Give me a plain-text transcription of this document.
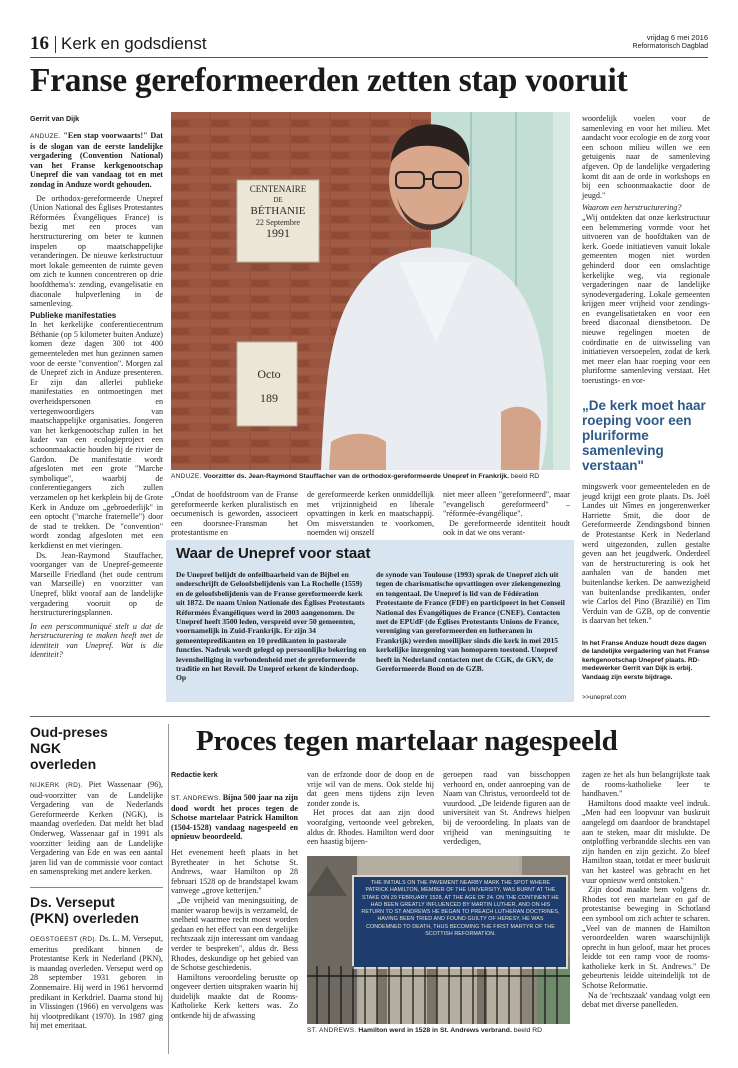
16 Kerk en godsdienst	vrijdag 6 mei 2016
Reformatorisch Dagblad
Franse gereformeerden zetten stap vooruit
Gerrit van Dijk

ANDUZE. "Een stap voorwaarts!" Dat is de slogan van de eerste landelijke vergadering (Convention National) van het Franse kerkgenootschap Unepref die van vandaag tot en met zondag in Anduze wordt gehouden.

De orthodox-gereformeerde Unepref (Union National des Églises Protestantes Réformées Évangéliques France) is bezig met een proces van herstructurering om beter te kunnen inspelen op maatschappelijke veranderingen. De nieuwe kerkstructuur moet lokale gemeenten de ruimte geven om zich te kunnen concentreren op drie hoofdthema's: zending, evangelisatie en diaconale hulpverlening in de samenleving.

Publieke manifestaties

In het kerkelijke conferentiecentrum Béthanie (op 5 kilometer buiten Anduze) komen deze dagen 300 tot 400 gemeenteleden met hun gezinnen samen voor de eerste "convention". Morgen zal de Unepref zich in Anduze presenteren. Er zijn dan allerlei publieke manifestaties en ontmoetingen met overheidspersonen en vertegenwoordigers van maatschappelijke organisaties. Jongeren van het kerkgenootschap zullen in het kader van een ecologieproject een schoonmaakactie houden bij de rivier de Gardon. De manifestatie wordt afgesloten met een grote "Marche symbolique", waarbij de conferentiegangers zich zullen verzamelen op het kerkplein bij de Grote Kerk in Anduze om „gebroederlijk" in een optocht ("marche fraternelle") door de stad te trekken. De "convention" wordt zondag afgesloten met een kerkdienst en met vieringen.

Ds. Jean-Raymond Stauffacher, voorganger van de Unepref-gemeente Marseille Friedland (het oude centrum van Marseille) en voorzitter van Unepref, blikt vooraf aan de landelijke vergadering vooruit op de herstructureringsplannen.

In een perscommuniqué stelt u dat de herstructurering te maken heeft met de identiteit van Unepref. Wat is die identiteit?

CENTENAIRE
DE
BÉTHANIE
22 Septembre
1991
Octo
189
ANDUZE. Voorzitter ds. Jean-Raymond Stauffacher van de orthodox-gereformeerde Unepref in Frankrijk. beeld RD

„Ondat de hoofdstroom van de Franse gereformeerde kerken pluralistisch en oecumenisch is geworden, associeert een doorsnee-Fransman het protestantisme en

de gereformeerde kerken onmiddellijk met vrijzinnigheid en liberale opvattingen in kerk en maatschappij. Om misverstanden te voorkomen, noemden wij onszelf

niet meer alleen "gereformeerd", maar "evangelisch gereformeerd" – "réformée-évangélique".

De gereformeerde identiteit houdt ook in dat we ons verant-

Waar de Unepref voor staat
De Unepref belijdt de onfeilbaarheid van de Bijbel en onderschrijft de Geloofsbelijdenis van La Rochelle (1559) en de geloofsbelijdenis van de Franse gereformeerde kerk uit 1872. De naam Union Nationale des Églises Protestants Réformées Évangéliques werd in 2003 aangenomen. De Unepref heeft 3500 leden, verspreid over 50 gemeenten, voornamelijk in Zuid-Frankrijk. Er zijn 34 gemeentepredikanten en 10 predikanten in pastorale functies. Nadruk wordt gelegd op persoonlijke bekering en levensheiliging in verbondenheid met de gereformeerde traditie en het Reveil. De Unepref erkent de kinderdoop. Op
de synode van Toulouse (1993) sprak de Unepref zich uit tegen de charismatische opvattingen over ziekengenezing en tongentaal. De Unepref is lid van de Fédération Protestante de France (FDF) en participeert in het Conseil National des Évangéliques de France (CNEF). Contacten met de EPUdF (de Églises Protestants Unions de France, vereniging van gereformeerden en lutheranen in Frankrijk) werden moeilijker sinds die kerk in mei 2015 kerkelijke inzegening van homoparen toestond. Unepref heeft in Nederland contacten met de CGK, de GKV, de Gereformeerde Bond en de GZB.

woordelijk voelen voor de samenleving en voor het milieu. Met aandacht voor ecologie en de zorg voor een schoon milieu willen we een getuigenis naar de samenleving afgeven. Op de landelijke vergadering komt dit aan de orde in workshops en bij een schoonmaakactie door de jeugd."

Waarom een herstructurering?

„Wij ontdekten dat onze kerkstructuur een belemmering vormde voor het uitvoeren van de hoofdtaken van de kerk. Goede initiatieven vanuit lokale gemeenten mogen niet worden gehinderd door een omslachtige kerkelijke weg, via regionale vergaderingen naar de landelijke synodevergadering. Lokale gemeenten krijgen meer vrijheid voor zendings- en evangelisatietaken en voor een breed diaconaal dienstbetoon. De nieuwe regelingen moeten de coördinatie en de uitwisseling van initiatieven versoepelen, zodat de kerk met meer elan haar roeping voor een pluriforme samenleving verstaat. Het toerustings- en vor-

„De kerk moet haar roeping voor een pluriforme samenleving verstaan"

mingswerk voor gemeenteleden en de jeugd krijgt een grote plaats. Ds. Joël Landes uit Nîmes en jongerenwerker Harriette Smit, die door de Gereformeerde Zendingsbond binnen de Protestantse Kerk in Nederland werd uitgezonden, zullen gestalte geven aan het jeugdwerk. Onderdeel van de herstructurering is ook het aanhalen van de banden met buitenlandse kerken. De aanwezigheid van buitenlandse predikanten, onder wie Carlos del Pino (Brazilië) en Tim Verduin van de GZB, op de conventie is daarvan het teken."

In het Franse Anduze houdt deze dagen de landelijke vergadering van het Franse kerkgenootschap Unepref plaats. RD-medewerker Gerrit van Dijk is erbij. Vandaag zijn eerste bijdrage.
>>unepref.com
Oud-preses NGK overleden

NIJKERK (RD). Piet Wassenaar (96), oud-voorzitter van de Landelijke Vergadering van de Nederlands Gereformeerde Kerken (NGK), is maandag overleden. Dat meldt het blad Onderweg. Wassenaar gaf in 1991 als voorzitter leiding aan de Landelijke Vergadering van Ede en was een aantal jaren lid van de commissie voor contact en samenspreking met andere kerken.

Ds. Verseput (PKN) overleden

OEGSTGEEST (RD). Ds. L. M. Verseput, emeritus predikant binnen de Protestantse Kerk in Nederland (PKN), is maandag overleden. Verseput werd op 28 september 1931 geboren in Zonnemaire. Hij werd in 1961 hervormd predikant in Kerkdriel. Daarna stond hij in Vlissingen (1966) en vervolgens was hij vlootpredikant (1970). In 1987 ging hij met emeritaat.

Proces tegen martelaar nagespeeld
Redactie kerk

ST. ANDREWS. Bijna 500 jaar na zijn dood wordt het proces tegen de Schotse martelaar Patrick Hamilton (1504-1528) vandaag nagespeeld en opnieuw beoordeeld.

Het evenement heeft plaats in het Byretheater in het Schotse St. Andrews, waar Hamilton op 28 februari 1528 op de brandstapel kwam vanwege „grove ketterijen."

„De vrijheid van meningsuiting, de manier waarop bewijs is verzameld, de snelheid waarmee recht moest worden gedaan en het effect van een dergelijke rechtszaak zijn interessant om vandaag verder te bespreken", aldus dr. Bess Rhodes, deskundige op het gebied van de Schotse geschiedenis.

Hamiltons veroordeling berustte op ongeveer dertien uitspraken waarin hij duidelijk maakte dat de Rooms-Katholieke Kerk ketters was. Zo ontkende hij de afwassing

van de erfzonde door de doop en de vrije wil van de mens. Ook stelde hij dat geen mens tijdens zijn leven zonder zonde is.

Het proces dat aan zijn dood voorafging, vertoonde veel gebreken, aldus dr. Rhodes. Hamilton werd door een haastig bijeen-

geroepen raad van bisschoppen verhoord en, onder aanroeping van de Naam van Christus, veroordeeld tot de vuurdood. „De leidende figuren aan de universiteit van St. Andrews hielpen bij de veroordeling. In plaats van de vrijheid van meningsuiting te verdedigen,

THE INITIALS ON THE PAVEMENT NEARBY MARK THE SPOT WHERE PATRICK HAMILTON, MEMBER OF THE UNIVERSITY, WAS BURNT AT THE STAKE ON 29 FEBRUARY 1528, AT THE AGE OF 24. ON THE CONTINENT HE HAD BEEN GREATLY INFLUENCED BY MARTIN LUTHER, AND ON HIS RETURN TO ST ANDREWS HE BEGAN TO PREACH LUTHERAN DOCTRINES, HAVING BEEN TRIED AND FOUND GUILTY OF HERESY, HE WAS CONDEMNED TO DEATH, THUS BECOMING THE FIRST MARTYR OF THE SCOTTISH REFORMATION.
ST. ANDREWS. Hamilton werd in 1528 in St. Andrews verbrand. beeld RD

zagen ze het als hun belangrijkste taak de rooms-katholieke leer te handhaven."

Hamiltons dood maakte veel indruk. „Men had een loopvuur van buskruit aangelegd om daardoor de brandstapel aan te steken, maar dit mislukte. De ontploffing verbrandde slechts een van zijn handen en zijn gezicht. Zo bleef Hamilton staan, totdat er meer buskruit van het kasteel was gebracht en het vuur opnieuw werd ontstoken."

Zijn dood maakte hem volgens dr. Rhodes tot een martelaar en gaf de protestantse beweging in Schotland een symbool om zich achter te scharen. „Veel van de mannen de Hamilton veroordeelden waren waarschijnlijk oprecht in hun geloof, maar het proces leidde tot een ramp voor de rooms-katholieke kerk in St. Andrews." De gebeurtenis leidde uiteindelijk tot de Schotse Reformatie.

Na de 'rechtszaak' vandaag volgt een debat met diverse panelleden.
